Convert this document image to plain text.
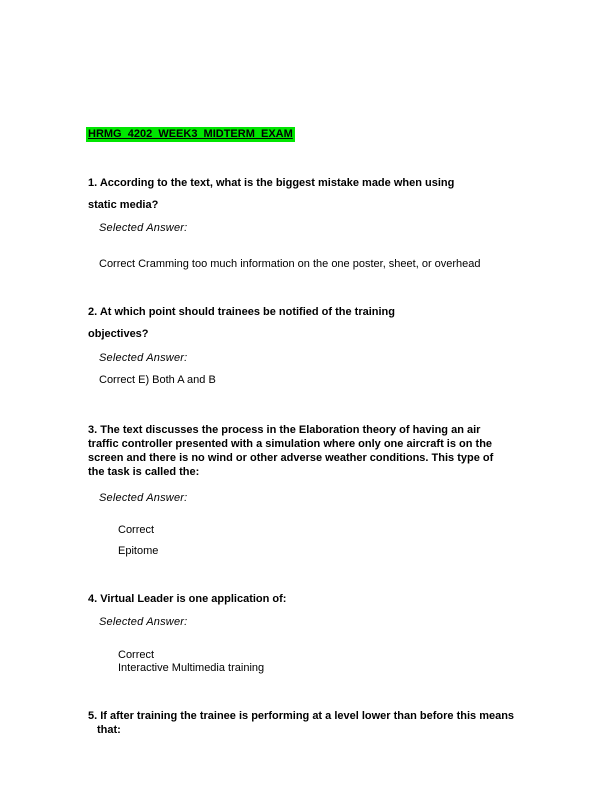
HRMG_4202_WEEK3_MIDTERM_EXAM
1. According to the text, what is the biggest mistake made when using
static media?
Selected Answer:
Correct Cramming too much information on the one poster, sheet, or overhead
2. At which point should trainees be notified of the training
objectives?
Selected Answer:
Correct E) Both A and B
3. The text discusses the process in the Elaboration theory of having an air
traffic controller presented with a simulation where only one aircraft is on the
screen and there is no wind or other adverse weather conditions. This type of
the task is called the:
Selected Answer:
Correct
Epitome
4. Virtual Leader is one application of:
Selected Answer:
Correct
Interactive Multimedia training
5. If after training the trainee is performing at a level lower than before this means
that:
